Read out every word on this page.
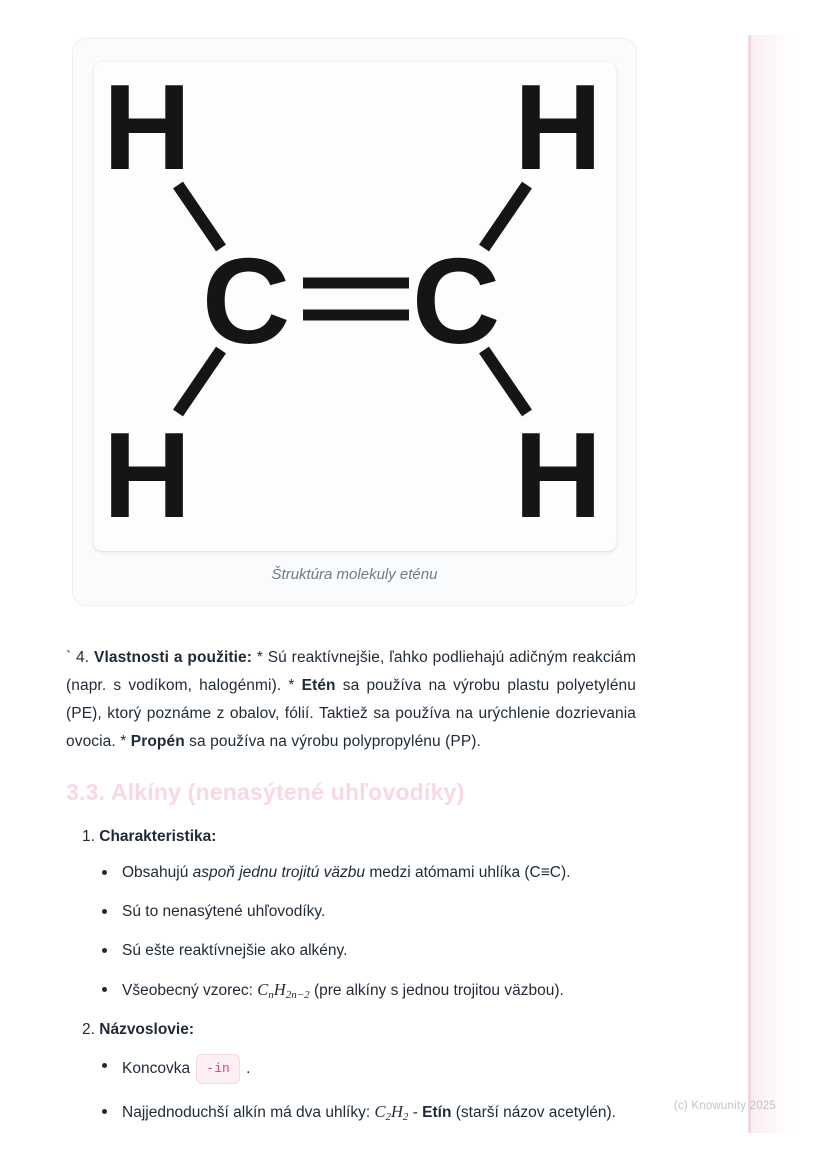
H	H
C C
H	H
Štruktúra molekuly eténu

` 4. Vlastnosti a použitie: * Sú reaktívnejšie, ľahko podliehajú adičným reakciám (napr. s vodíkom, halogénmi). * Etén sa používa na výrobu plastu polyetylénu (PE), ktorý poznáme z obalov, fólií. Taktiež sa používa na urýchlenie dozrievania ovocia. * Propén sa používa na výrobu polypropylénu (PP).

3.3. Alkíny (nenasýtené uhľovodíky)
1. Charakteristika:
Obsahujú aspoň jednu trojitú väzbu medzi atómami uhlíka (C≡C).
Sú to nenasýtené uhľovodíky.
Sú ešte reaktívnejšie ako alkény.
Všeobecný vzorec: $C_nH_{2n-2}$ (pre alkíny s jednou trojitou väzbou).
2. Názvoslovie:
Koncovka -in .
Najjednoduchší alkín má dva uhlíky: $C_2H_2$ - Etín (starší názov acetylén).	(c) Knowunity 2025
